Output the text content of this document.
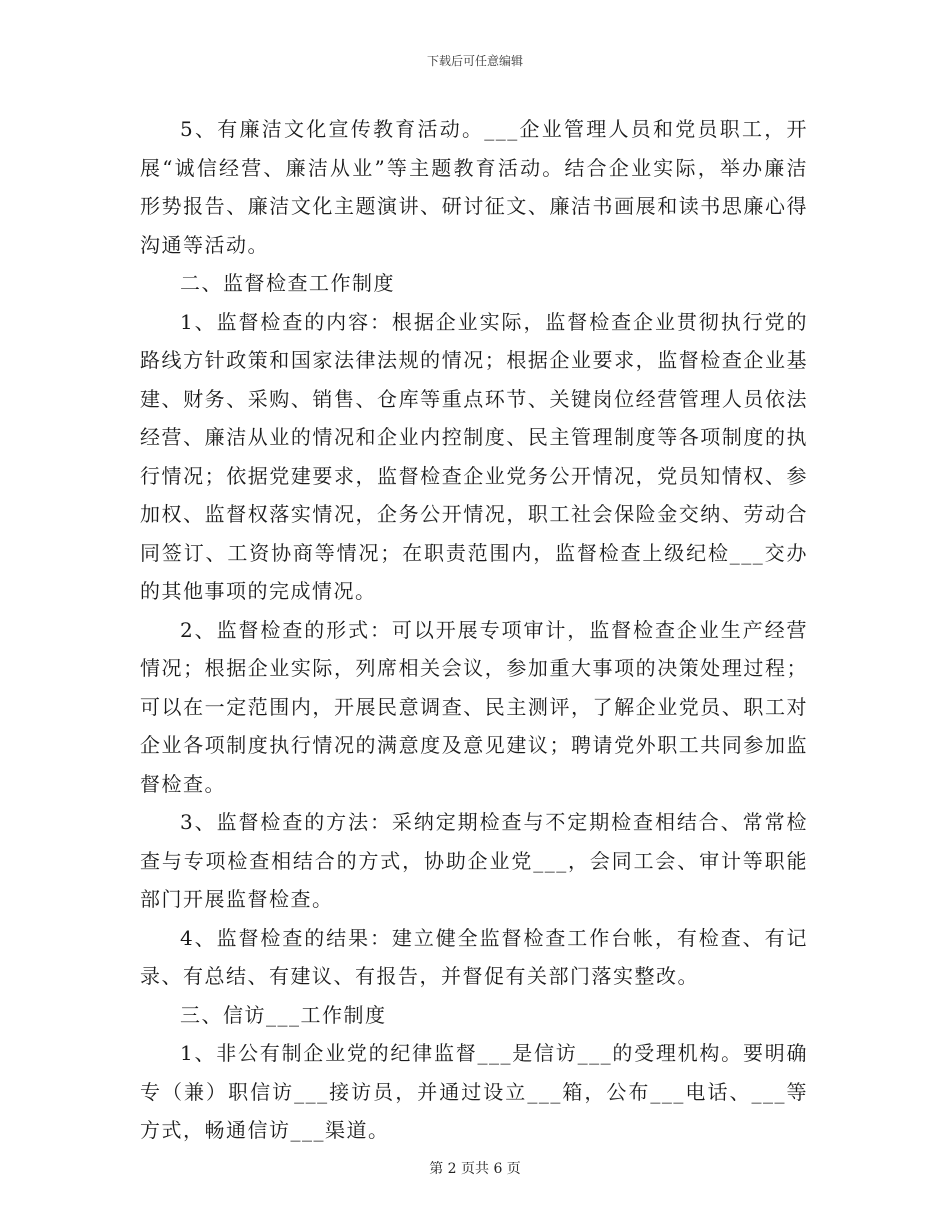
下载后可任意编辑

5、有廉洁文化宣传教育活动。___企业管理人员和党员职工，开展“诚信经营、廉洁从业”等主题教育活动。结合企业实际，举办廉洁形势报告、廉洁文化主题演讲、研讨征文、廉洁书画展和读书思廉心得沟通等活动。

二、监督检查工作制度

1、监督检查的内容：根据企业实际，监督检查企业贯彻执行党的路线方针政策和国家法律法规的情况；根据企业要求，监督检查企业基建、财务、采购、销售、仓库等重点环节、关键岗位经营管理人员依法经营、廉洁从业的情况和企业内控制度、民主管理制度等各项制度的执行情况；依据党建要求，监督检查企业党务公开情况，党员知情权、参加权、监督权落实情况，企务公开情况，职工社会保险金交纳、劳动合同签订、工资协商等情况；在职责范围内，监督检查上级纪检___交办的其他事项的完成情况。

2、监督检查的形式：可以开展专项审计，监督检查企业生产经营情况；根据企业实际，列席相关会议，参加重大事项的决策处理过程；可以在一定范围内，开展民意调查、民主测评，了解企业党员、职工对企业各项制度执行情况的满意度及意见建议；聘请党外职工共同参加监督检查。

3、监督检查的方法：采纳定期检查与不定期检查相结合、常常检查与专项检查相结合的方式，协助企业党___，会同工会、审计等职能部门开展监督检查。

4、监督检查的结果：建立健全监督检查工作台帐，有检查、有记录、有总结、有建议、有报告，并督促有关部门落实整改。

三、信访___工作制度

1、非公有制企业党的纪律监督___是信访___的受理机构。要明确专（兼）职信访___接访员，并通过设立___箱，公布___电话、___等方式，畅通信访___渠道。

第 2 页共 6 页
